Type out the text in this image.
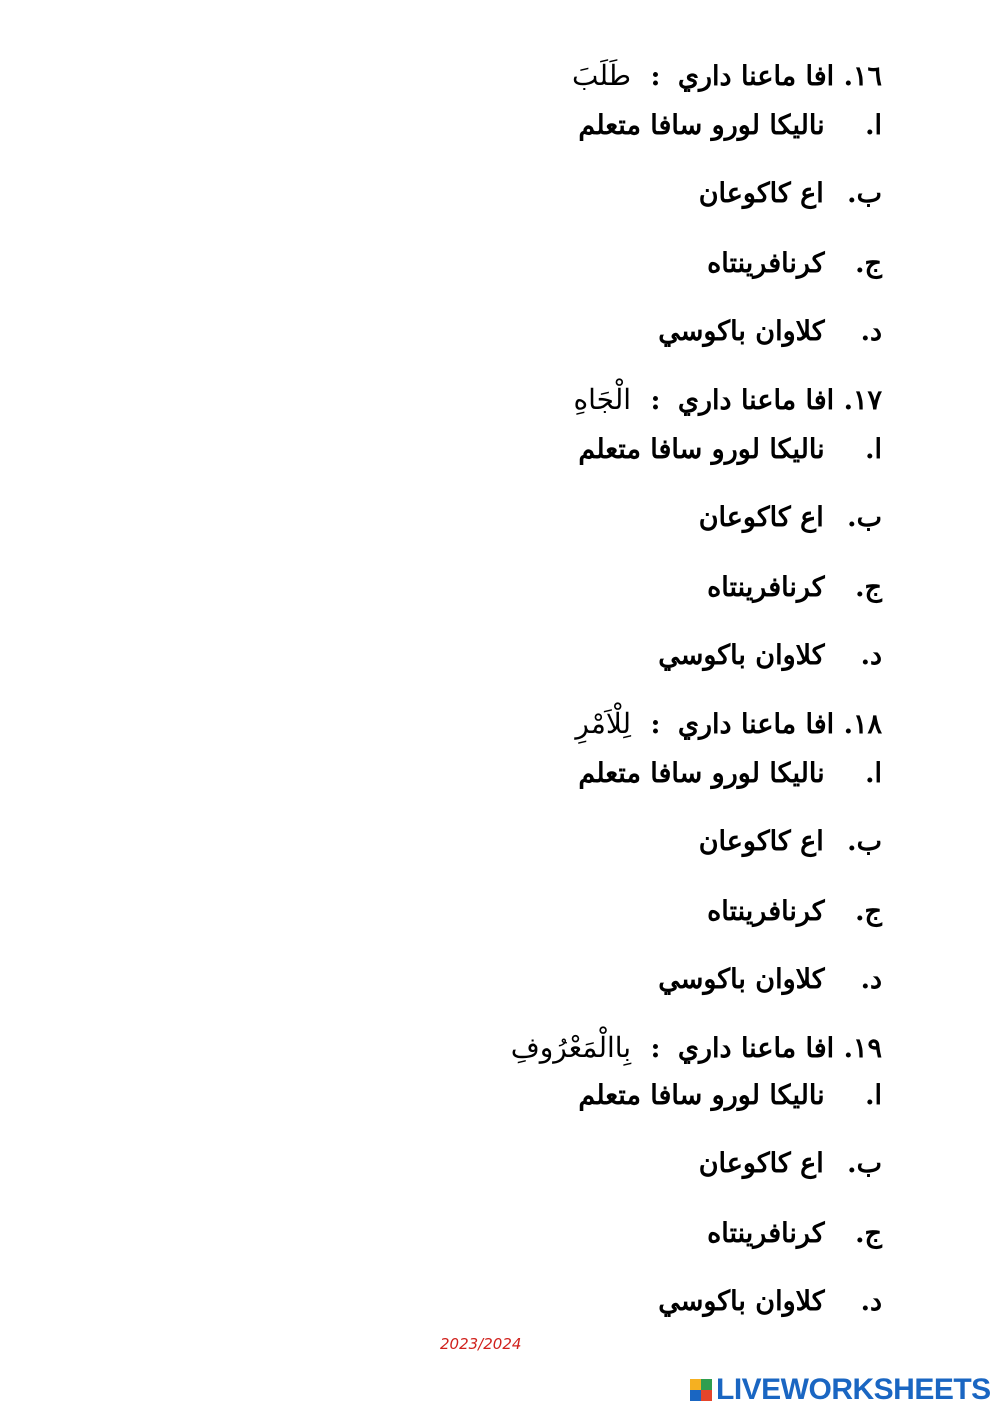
١٦. افا ماعنا داري : طَلَبَ
ا. ناليكا لورو سافا متعلم
ب. اع كاكوعان
ج. كرنافرينتاه
د. كلاوان باكوسي
١٧. افا ماعنا داري : الْجَاهِ
ا. ناليكا لورو سافا متعلم
ب. اع كاكوعان
ج. كرنافرينتاه
د. كلاوان باكوسي
١٨. افا ماعنا داري : لِلْاَمْرِ
ا. ناليكا لورو سافا متعلم
ب. اع كاكوعان
ج. كرنافرينتاه
د. كلاوان باكوسي
١٩. افا ماعنا داري : بِاالْمَعْرُوفِ
ا. ناليكا لورو سافا متعلم
ب. اع كاكوعان
ج. كرنافرينتاه
د. كلاوان باكوسي
2023/2024
LIVEWORKSHEETS
